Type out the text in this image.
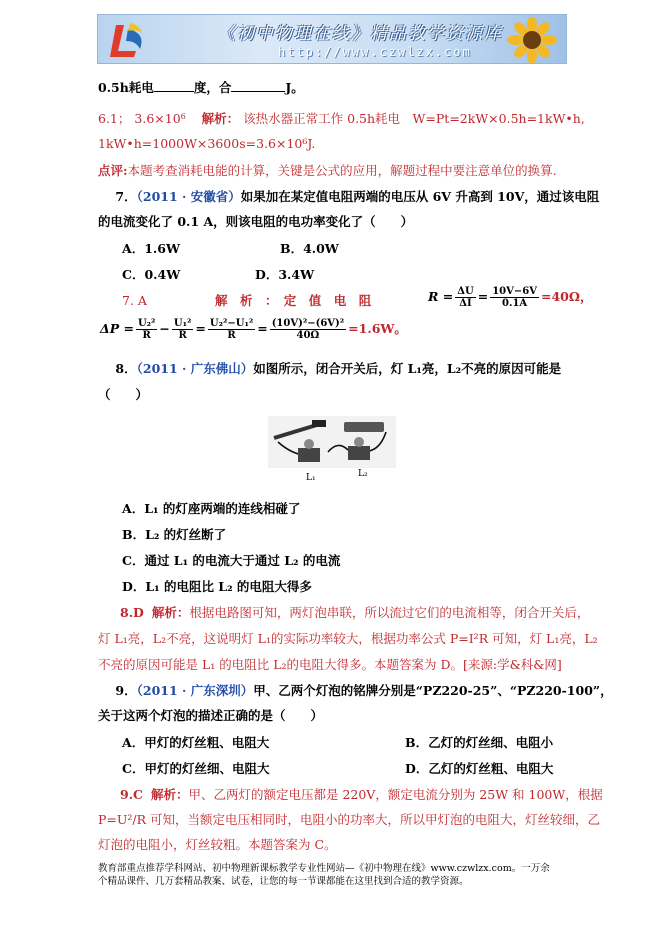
《初中物理在线》精品教学资源库
http://www.czwlzx.com
0.5h耗电	度，合	J。
6.1； $3.6\times 10^6$ 解析： 该热水器正常工作 0.5h耗电　W=Pt=2kW×0.5h=1kW•h,
1kW•h=1000W×3600s=3.6×10⁶J.
点评:本题考查消耗电能的计算，关键是公式的应用，解题过程中要注意单位的换算.
7．（2011 · 安徽省）如果加在某定值电阻两端的电压从 6V 升高到 10V，通过该电阻
的电流变化了 0.1 A，则该电阻的电功率变化了（　　）
A．1.6W	B．4.0W
C．0.4W	D．3.4W
7. A	解　析　：　定　值　电　阻	$R = \frac{\Delta U}{\Delta I} = \frac{10V-6V}{0.1A} =40\Omega$，
$\Delta P = \frac{\text{U₂²}}{R} - \frac{\text{U₁²}}{R} = \frac{\text{U₂²−U₁²}}{R} = \frac{\text{(10V)²−(6V)²}}{40\Omega} =1.6W$。
8．（2011 · 广东佛山）如图所示，闭合开关后，灯 L₁亮，L₂不亮的原因可能是
（　　）
L₁	L₂
A．L₁ 的灯座两端的连线相碰了
B．L₂ 的灯丝断了
C．通过 L₁ 的电流大于通过 L₂ 的电流
D．L₁ 的电阻比 L₂ 的电阻大得多
8.D 解析：根据电路图可知，两灯泡串联，所以流过它们的电流相等，闭合开关后，
灯 L₁亮，L₂不亮，这说明灯 L₁的实际功率较大，根据功率公式 P=I²R 可知，灯 L₁亮，L₂
不亮的原因可能是 L₁ 的电阻比 L₂的电阻大得多。本题答案为 D。[来源:学&科&网]
9．（2011 · 广东深圳）甲、乙两个灯泡的铭牌分别是“PZ220-25”、“PZ220-100”，
关于这两个灯泡的描述正确的是（　　）
A．甲灯的灯丝粗、电阻大	B．乙灯的灯丝细、电阻小
C．甲灯的灯丝细、电阻大	D．乙灯的灯丝粗、电阻大
9.C 解析：甲、乙两灯的额定电压都是 220V，额定电流分别为 25W 和 100W，根据
P=U²/R 可知，当额定电压相同时，电阻小的功率大，所以甲灯泡的电阻大，灯丝较细，乙
灯泡的电阻小，灯丝较粗。本题答案为 C。
教育部重点推荐学科网站、初中物理新课标教学专业性网站—《初中物理在线》www.czwlzx.com。一万余
个精品课件、几万套精品教案、试卷，让您的每一节课都能在这里找到合适的教学资源。
